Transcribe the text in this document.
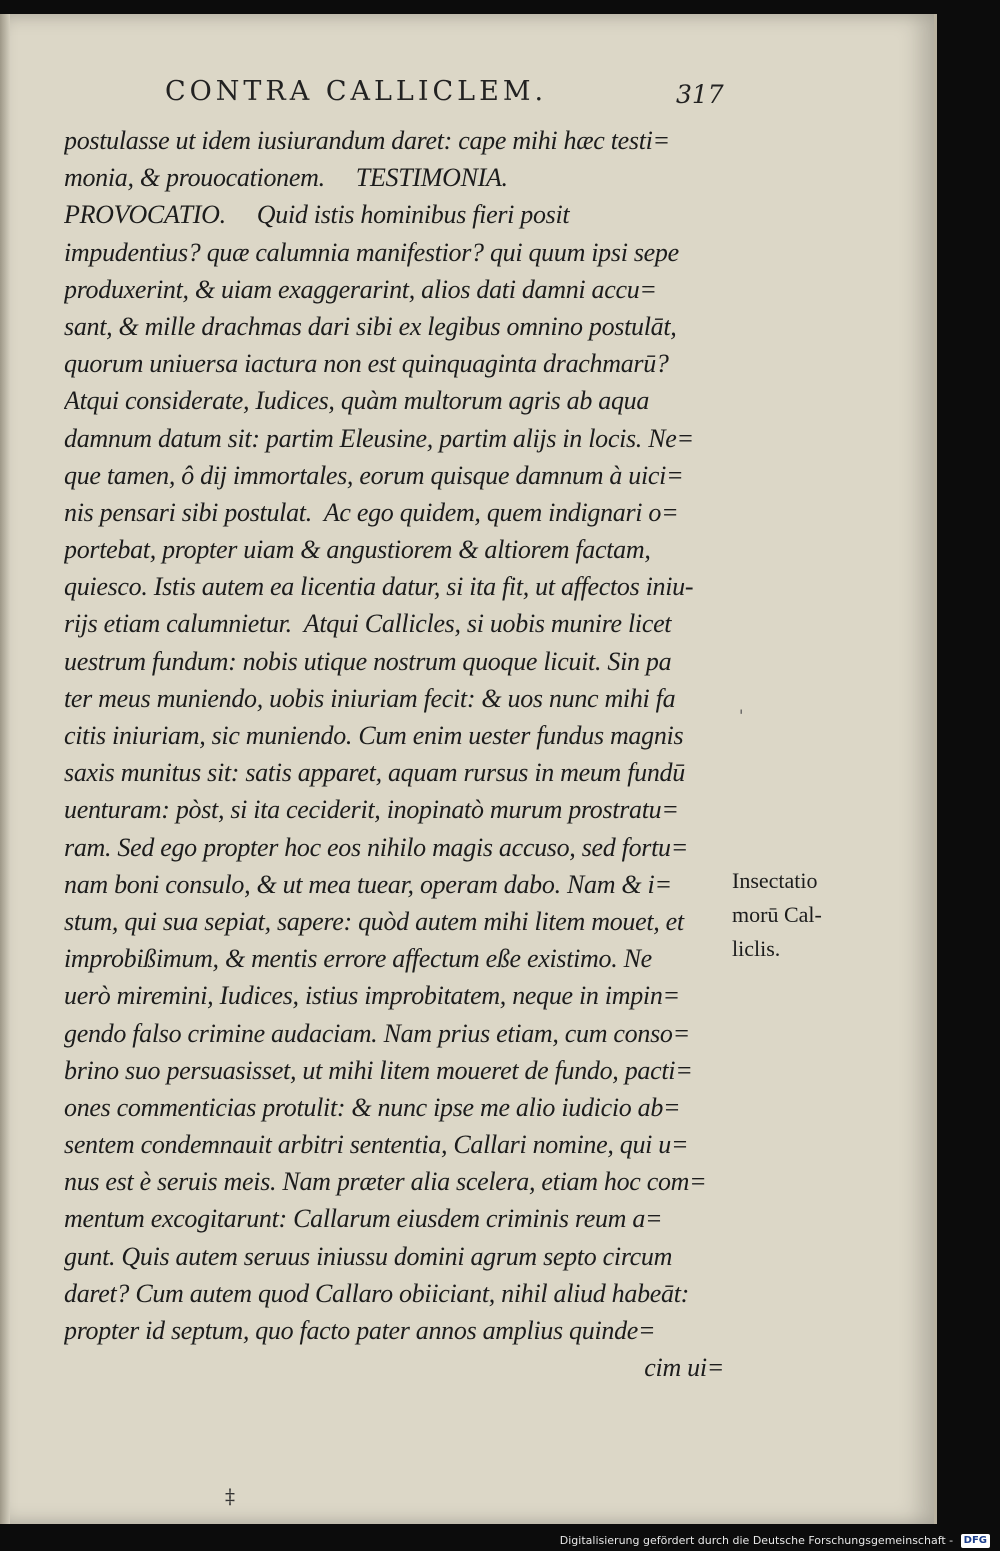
CONTRA CALLICLEM.	317
postulasse ut idem iusiurandum daret: cape mihi hæc testi=
monia, & prouocationem.     TESTIMONIA.
PROVOCATIO.     Quid istis hominibus fieri posit
impudentius? quæ calumnia manifestior? qui quum ipsi sepe
produxerint, & uiam exaggerarint, alios dati damni accu=
sant, & mille drachmas dari sibi ex legibus omnino postulāt,
quorum uniuersa iactura non est quinquaginta drachmarū?
Atqui considerate, Iudices, quàm multorum agris ab aqua
damnum datum sit: partim Eleusine, partim alijs in locis. Ne=
que tamen, ô dij immortales, eorum quisque damnum à uici=
nis pensari sibi postulat.  Ac ego quidem, quem indignari o=
portebat, propter uiam & angustiorem & altiorem factam,
quiesco. Istis autem ea licentia datur, si ita fit, ut affectos iniu-
rijs etiam calumnietur.  Atqui Callicles, si uobis munire licet
uestrum fundum: nobis utique nostrum quoque licuit. Sin pa
ter meus muniendo, uobis iniuriam fecit: & uos nunc mihi fa
citis iniuriam, sic muniendo. Cum enim uester fundus magnis
saxis munitus sit: satis apparet, aquam rursus in meum fundū
uenturam: pòst, si ita ceciderit, inopinatò murum prostratu=
ram. Sed ego propter hoc eos nihilo magis accuso, sed fortu=
nam boni consulo, & ut mea tuear, operam dabo. Nam & i=
stum, qui sua sepiat, sapere: quòd autem mihi litem mouet, et
improbißimum, & mentis errore affectum eße existimo. Ne
uerò miremini, Iudices, istius improbitatem, neque in impin=
gendo falso crimine audaciam. Nam prius etiam, cum conso=
brino suo persuasisset, ut mihi litem moueret de fundo, pacti=
ones commenticias protulit: & nunc ipse me alio iudicio ab=
sentem condemnauit arbitri sententia, Callari nomine, qui u=
nus est è seruis meis. Nam præter alia scelera, etiam hoc com=
mentum excogitarunt: Callarum eiusdem criminis reum a=
gunt. Quis autem seruus iniussu domini agrum septo circum
daret? Cum autem quod Callaro obiiciant, nihil aliud habeāt:
propter id septum, quo facto pater annos amplius quinde=
cim ui=
Insectatio
morū Cal-
liclis.
'
‡
Digitalisierung gefördert durch die Deutsche Forschungsgemeinschaft - DFG
